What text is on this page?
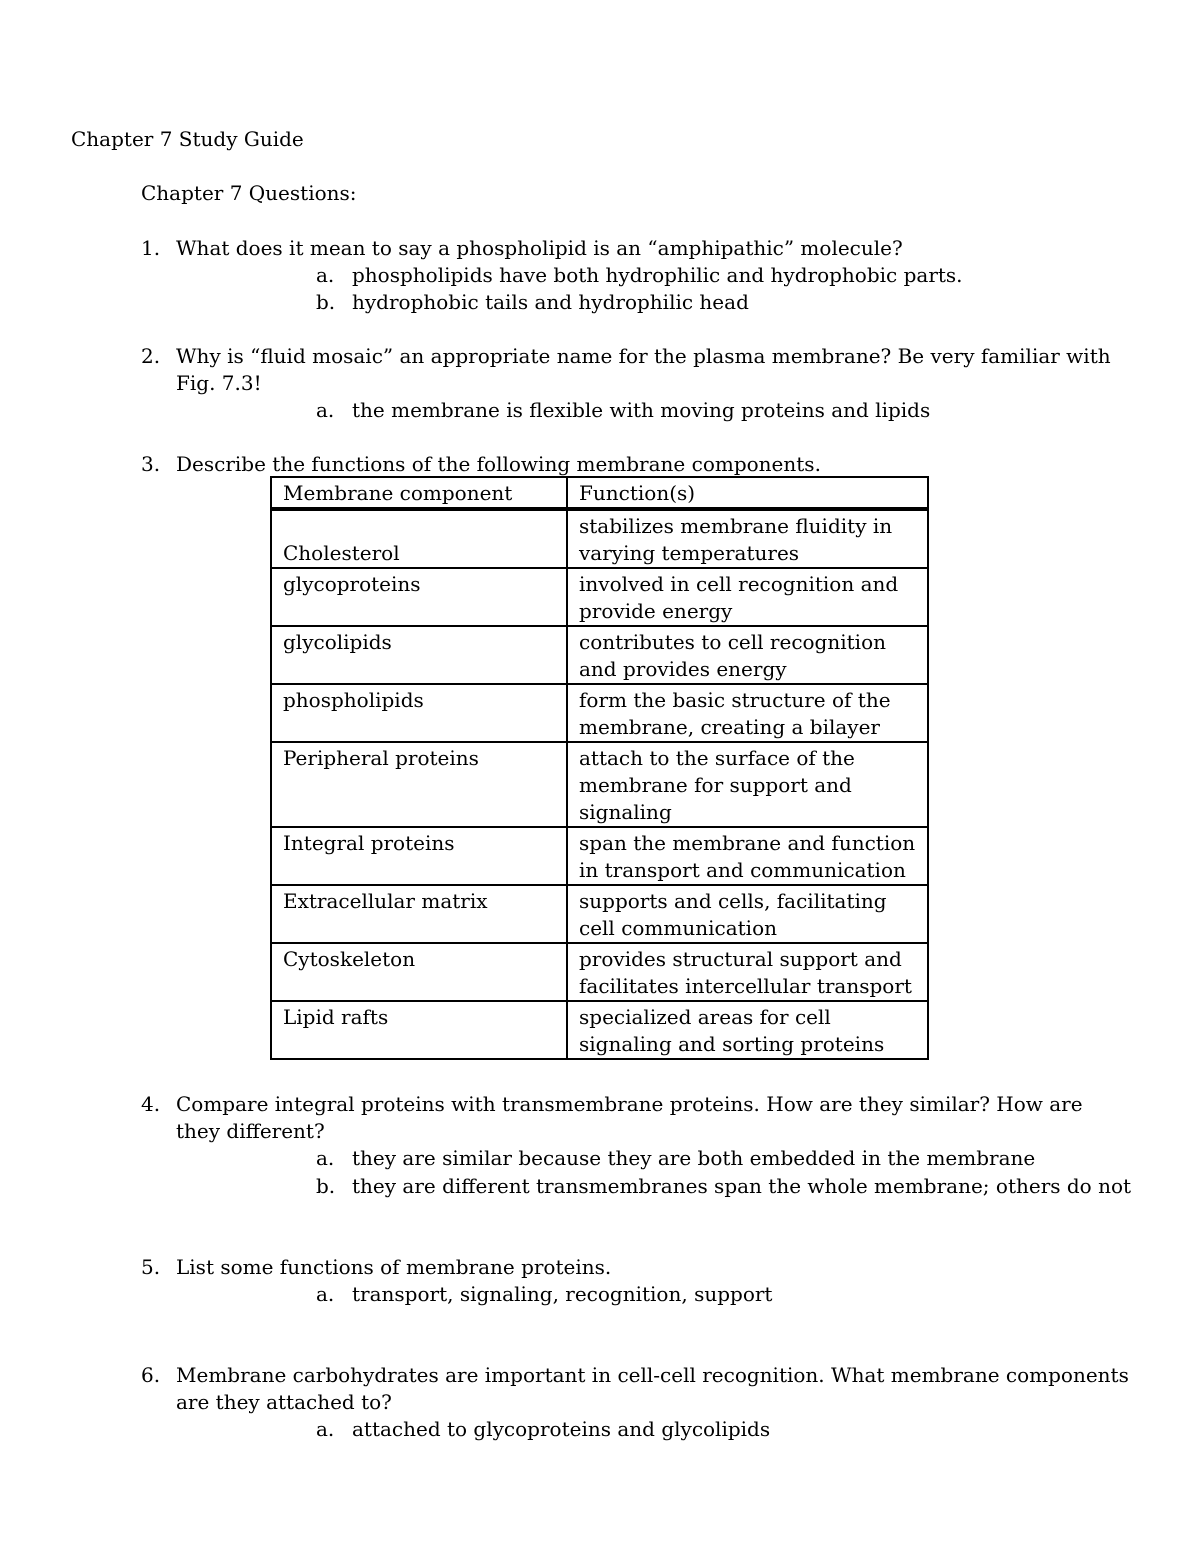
Chapter 7 Study Guide
Chapter 7 Questions:
1. What does it mean to say a phospholipid is an “amphipathic” molecule?
a. phospholipids have both hydrophilic and hydrophobic parts.
b. hydrophobic tails and hydrophilic head
2. Why is “fluid mosaic” an appropriate name for the plasma membrane? Be very familiar with
Fig. 7.3!
a. the membrane is flexible with moving proteins and lipids
3. Describe the functions of the following membrane components.
Membrane component	Function(s)
Cholesterol	stabilizes membrane fluidity in varying temperatures
glycoproteins	involved in cell recognition and provide energy
glycolipids	contributes to cell recognition and provides energy
phospholipids	form the basic structure of the membrane, creating a bilayer
Peripheral proteins	attach to the surface of the membrane for support and signaling
Integral proteins	span the membrane and function in transport and communication
Extracellular matrix	supports and cells, facilitating cell communication
Cytoskeleton	provides structural support and facilitates intercellular transport
Lipid rafts	specialized areas for cell signaling and sorting proteins
4. Compare integral proteins with transmembrane proteins. How are they similar? How are
they different?
a. they are similar because they are both embedded in the membrane
b. they are different transmembranes span the whole membrane; others do not
5. List some functions of membrane proteins.
a. transport, signaling, recognition, support
6. Membrane carbohydrates are important in cell-cell recognition. What membrane components
are they attached to?
a. attached to glycoproteins and glycolipids
